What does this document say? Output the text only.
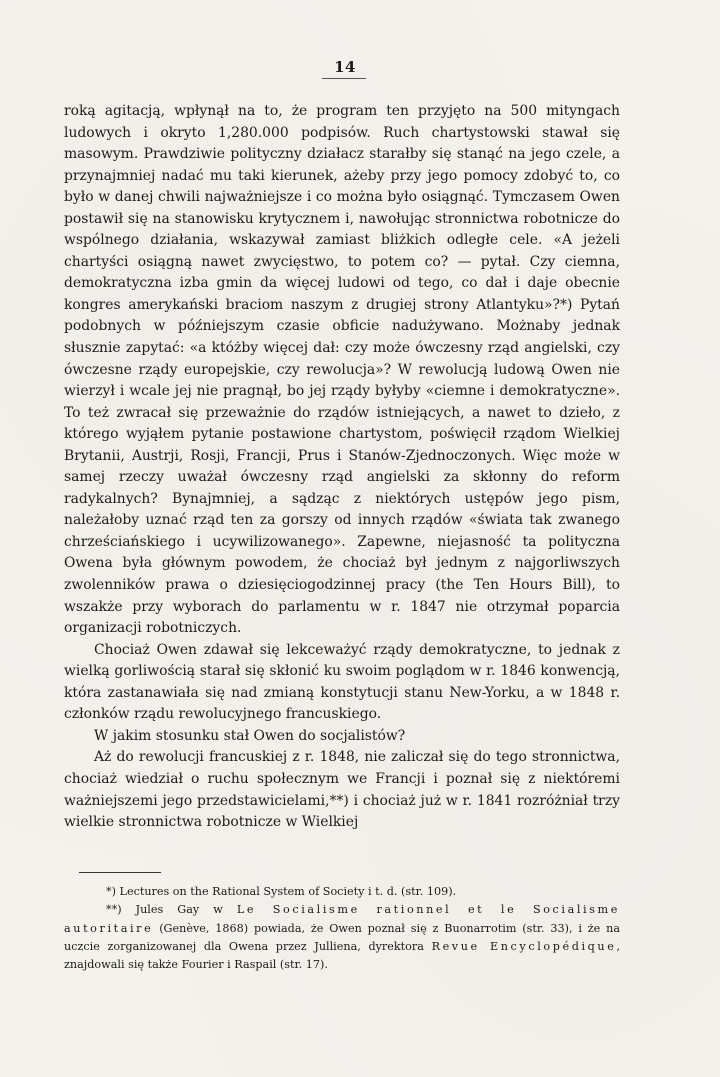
14

roką agitacją, wpłynął na to, że program ten przyjęto na 500 mityngach ludowych i okryto 1,280.000 podpisów. Ruch chartystowski stawał się masowym. Prawdziwie polityczny działacz starałby się stanąć na jego czele, a przynajmniej nadać mu taki kierunek, ażeby przy jego pomocy zdobyć to, co było w danej chwili najważniejsze i co można było osiągnąć. Tymczasem Owen postawił się na stanowisku krytycznem i, nawołując stronnictwa robotnicze do wspólnego działania, wskazywał zamiast bliżkich odległe cele. «A jeżeli chartyści osiągną nawet zwycięstwo, to potem co? — pytał. Czy ciemna, demokratyczna izba gmin da więcej ludowi od tego, co dał i daje obecnie kongres amerykański braciom naszym z drugiej strony Atlantyku»?*) Pytań podobnych w późniejszym czasie obficie nadużywano. Możnaby jednak słusznie zapytać: «a któżby więcej dał: czy może ówczesny rząd angielski, czy ówczesne rządy europejskie, czy rewolucja»? W rewolucją ludową Owen nie wierzył i wcale jej nie pragnął, bo jej rządy byłyby «ciemne i demokratyczne». To też zwracał się przeważnie do rządów istniejących, a nawet to dzieło, z którego wyjąłem pytanie postawione chartystom, poświęcił rządom Wielkiej Brytanii, Austrji, Rosji, Francji, Prus i Stanów-Zjednoczonych. Więc może w samej rzeczy uważał ówczesny rząd angielski za skłonny do reform radykalnych? Bynajmniej, a sądząc z niektórych ustępów jego pism, należałoby uznać rząd ten za gorszy od innych rządów «świata tak zwanego chrześciańskiego i ucywilizowanego». Zapewne, niejasność ta polityczna Owena była głównym powodem, że chociaż był jednym z najgorliwszych zwolenników prawa o dziesięciogodzinnej pracy (the Ten Hours Bill), to wszakże przy wyborach do parlamentu w r. 1847 nie otrzymał poparcia organizacji robotniczych.

Chociaż Owen zdawał się lekceważyć rządy demokratyczne, to jednak z wielką gorliwością starał się skłonić ku swoim poglądom w r. 1846 konwencją, która zastanawiała się nad zmianą konstytucji stanu New-Yorku, a w 1848 r. członków rządu rewolucyjnego francuskiego.

W jakim stosunku stał Owen do socjalistów?

Aż do rewolucji francuskiej z r. 1848, nie zaliczał się do tego stronnictwa, chociaż wiedział o ruchu społecznym we Francji i poznał się z niektóremi ważniejszemi jego przedstawicielami,**) i chociaż już w r. 1841 rozróżniał trzy wielkie stronnictwa robotnicze w Wielkiej

*) Lectures on the Rational System of Society i t. d. (str. 109).

**) Jules Gay w Le Socialisme rationnel et le Socialisme autoritaire (Genève, 1868) powiada, że Owen poznał się z Buonarrotim (str. 33), i że na uczcie zorganizowanej dla Owena przez Julliena, dyrektora Revue Encyclopédique, znajdowali się także Fourier i Raspail (str. 17).
